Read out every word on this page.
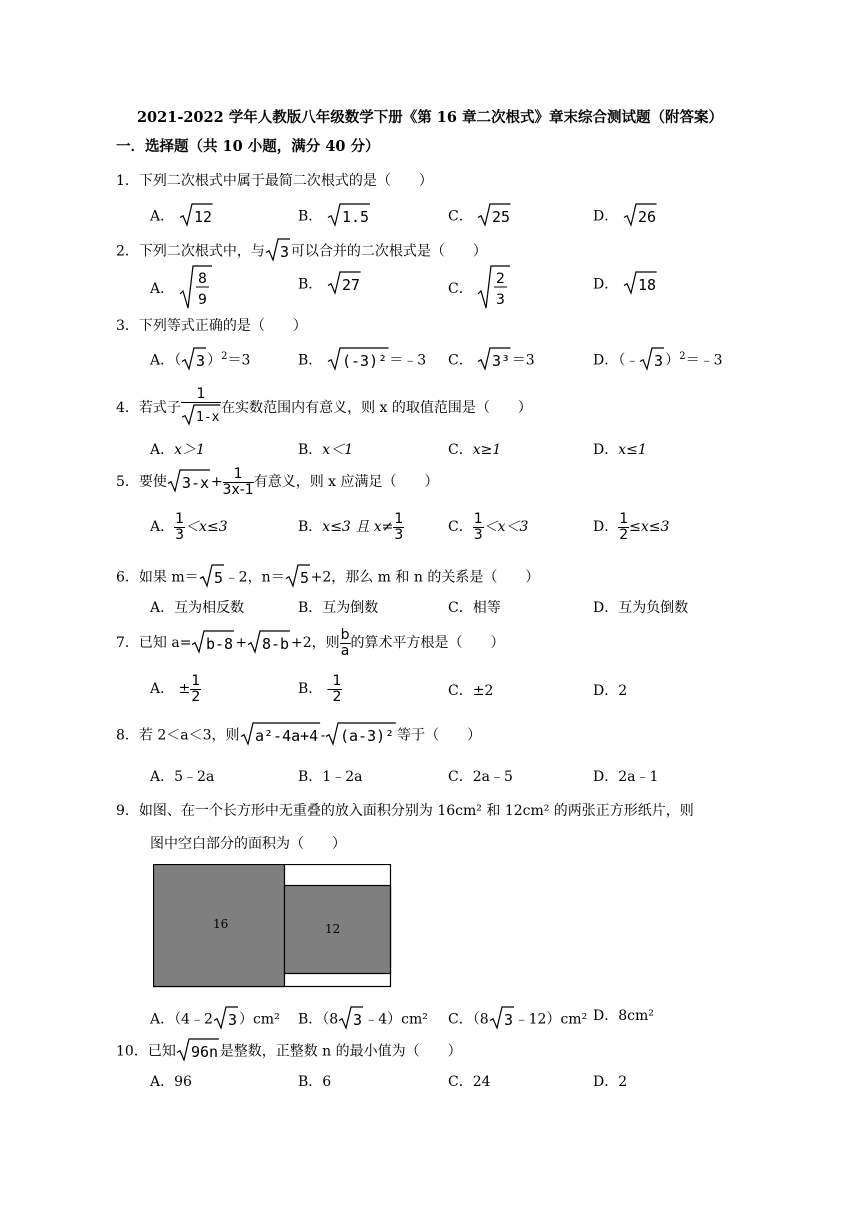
2021-2022 学年人教版八年级数学下册《第 16 章二次根式》章末综合测试题（附答案）
一．选择题（共 10 小题，满分 40 分）
1．下列二次根式中属于最简二次根式的是（　　）
A． 12	B． 1.5	C． 25	D． 26
2．下列二次根式中，与 3 可以合并的二次根式是（　　）
A．
8
9
B． 27	C．
2
3
D． 18
3．下列等式正确的是（　　）
A．（ 3 ）$^2$＝3	B． (-3)² ＝﹣3 C． 3³ ＝3	D．（﹣ 3 ）$^2$＝﹣3
4．若式子 $\frac{1}{1-x}$ 在实数范围内有意义，则 x 的取值范围是（　　）
A．x＞1	B．x＜1	C．x≥1	D．x≤1
5．要使 $3-x + \frac{1}{3x-1}$ 有意义，则 x 应满足（　　）
A． $\frac{1}{3} <x\le 3$	B．x≤3 且 $x\ne \frac{1}{3}$	C． $\frac{1}{3} <x<3$	D． $\frac{1}{2} \le x\le 3$
6．如果 m＝ 5 ﹣2，n＝ 5 +2，那么 m 和 n 的关系是（　　）
A．互为相反数	B．互为倒数	C．相等	D．互为负倒数
7．已知 a= b-8 + 8-b +2，则 $\frac{b}{a}$ 的算术平方根是（　　）
A． ± $\frac{1}{2}$	B． - $\frac{1}{2}$	C．±2	D．2
8．若 2＜a＜3，则 a²-4a+4 - (a-3)² 等于（　　）
A．5﹣2a	B．1﹣2a	C．2a﹣5	D．2a﹣1
9．如图、在一个长方形中无重叠的放入面积分别为 16cm² 和 12cm² 的两张正方形纸片，则
图中空白部分的面积为（　　）
16	12
A．（4﹣2 3 ）cm² B．（8 3 ﹣4）cm² C．（8 3 ﹣12）cm² D．8cm²
10．已知 96n 是整数，正整数 n 的最小值为（　　）
A．96	B．6	C．24	D．2
